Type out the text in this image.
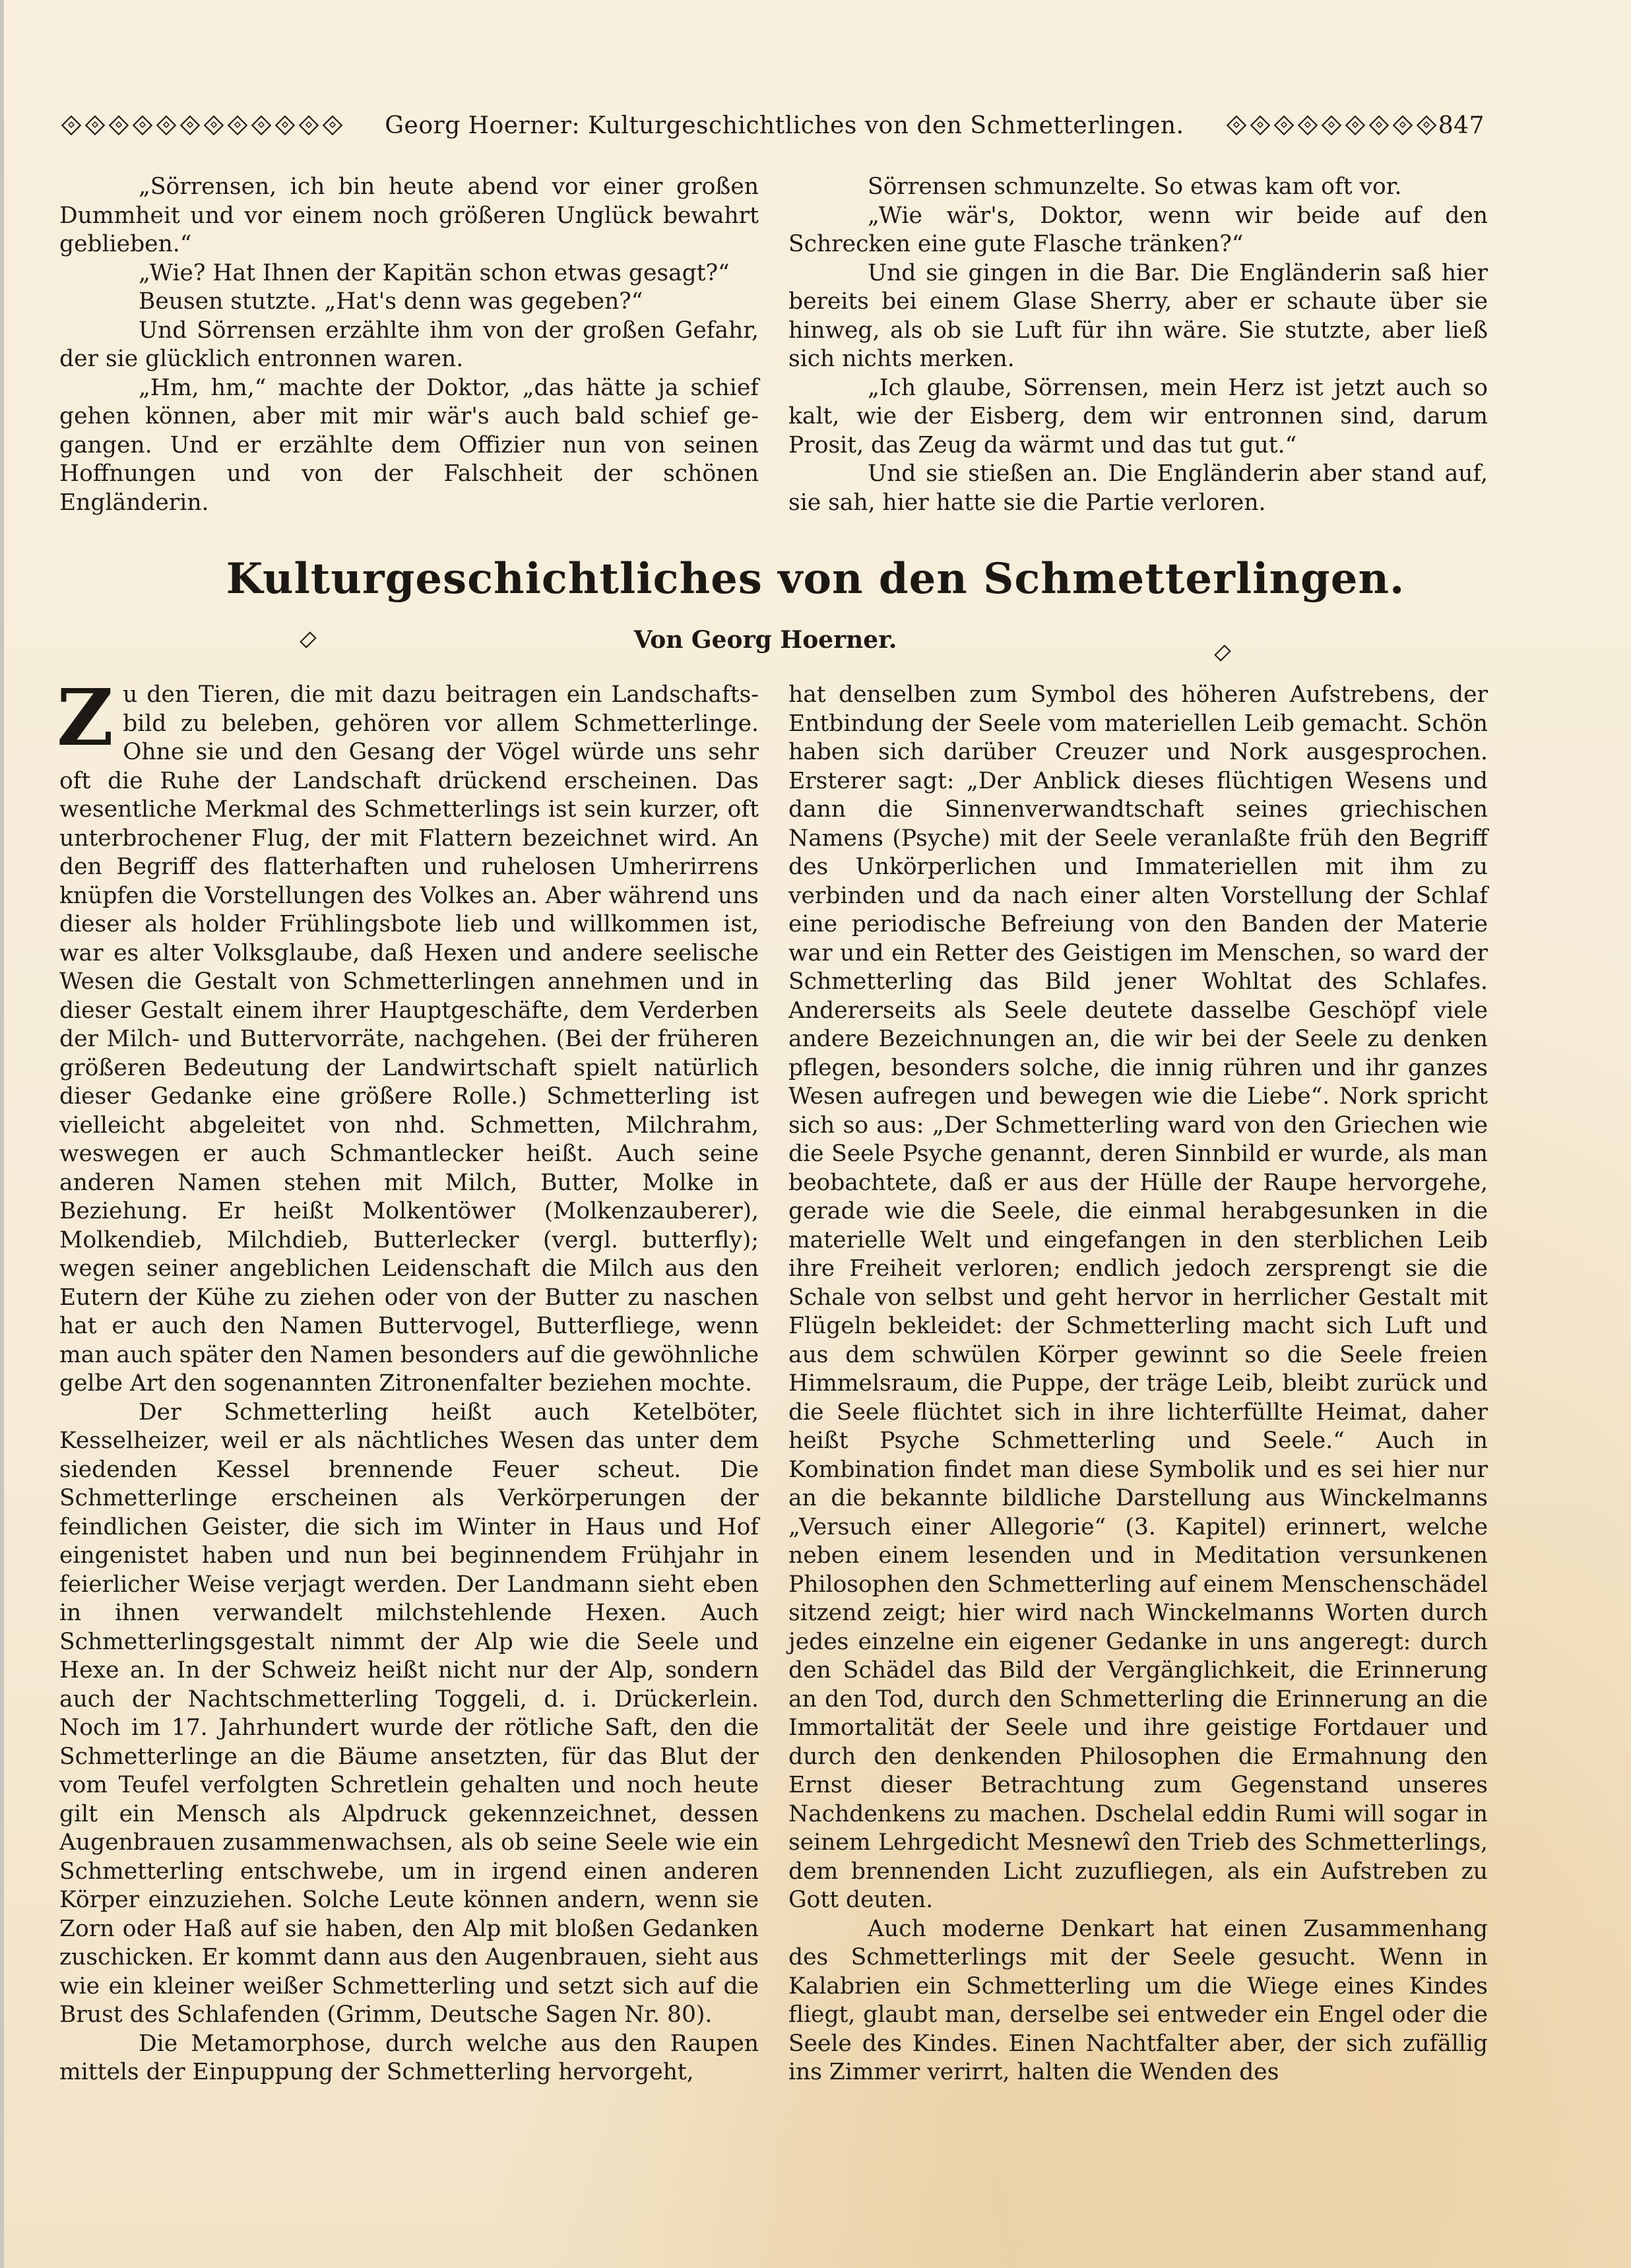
Georg Hoerner: Kulturgeschichtliches von den Schmetterlingen.	847

„Sörrensen, ich bin heute abend vor einer großen Dummheit und vor einem noch größeren Unglück bewahrt geblieben.“

„Wie? Hat Ihnen der Kapitän schon etwas gesagt?“

Beusen stutzte. „Hat's denn was gegeben?“

Und Sörrensen erzählte ihm von der großen Gefahr, der sie glücklich entronnen waren.

„Hm, hm,“ machte der Doktor, „das hätte ja schief gehen können, aber mit mir wär's auch bald schief ge-gangen. Und er erzählte dem Offizier nun von seinen Hoffnungen und von der Falschheit der schönen Engländerin.

Sörrensen schmunzelte. So etwas kam oft vor.

„Wie wär's, Doktor, wenn wir beide auf den Schrecken eine gute Flasche tränken?“

Und sie gingen in die Bar. Die Engländerin saß hier bereits bei einem Glase Sherry, aber er schaute über sie hinweg, als ob sie Luft für ihn wäre. Sie stutzte, aber ließ sich nichts merken.

„Ich glaube, Sörrensen, mein Herz ist jetzt auch so kalt, wie der Eisberg, dem wir entronnen sind, darum Prosit, das Zeug da wärmt und das tut gut.“

Und sie stießen an. Die Engländerin aber stand auf, sie sah, hier hatte sie die Partie verloren.

Kulturgeschichtliches von den Schmetterlingen.
Von Georg Hoerner.

Zu den Tieren, die mit dazu beitragen ein Landschafts-bild zu beleben, gehören vor allem Schmetterlinge. Ohne sie und den Gesang der Vögel würde uns sehr oft die Ruhe der Landschaft drückend erscheinen. Das wesentliche Merkmal des Schmetterlings ist sein kurzer, oft unterbrochener Flug, der mit Flattern bezeichnet wird. An den Begriff des flatterhaften und ruhelosen Umherirrens knüpfen die Vorstellungen des Volkes an. Aber während uns dieser als holder Frühlingsbote lieb und willkommen ist, war es alter Volksglaube, daß Hexen und andere seelische Wesen die Gestalt von Schmetterlingen annehmen und in dieser Gestalt einem ihrer Hauptgeschäfte, dem Verderben der Milch- und Buttervorräte, nachgehen. (Bei der früheren größeren Bedeutung der Landwirtschaft spielt natürlich dieser Gedanke eine größere Rolle.) Schmetterling ist vielleicht abgeleitet von nhd. Schmetten, Milchrahm, weswegen er auch Schmantlecker heißt. Auch seine anderen Namen stehen mit Milch, Butter, Molke in Beziehung. Er heißt Molkentöwer (Molkenzauberer), Molkendieb, Milchdieb, Butterlecker (vergl. butterfly); wegen seiner angeblichen Leidenschaft die Milch aus den Eutern der Kühe zu ziehen oder von der Butter zu naschen hat er auch den Namen Buttervogel, Butterfliege, wenn man auch später den Namen besonders auf die gewöhnliche gelbe Art den sogenannten Zitronenfalter beziehen mochte.

Der Schmetterling heißt auch Ketelböter, Kesselheizer, weil er als nächtliches Wesen das unter dem siedenden Kessel brennende Feuer scheut. Die Schmetterlinge erscheinen als Verkörperungen der feindlichen Geister, die sich im Winter in Haus und Hof eingenistet haben und nun bei beginnendem Frühjahr in feierlicher Weise verjagt werden. Der Landmann sieht eben in ihnen verwandelt milchstehlende Hexen. Auch Schmetterlingsgestalt nimmt der Alp wie die Seele und Hexe an. In der Schweiz heißt nicht nur der Alp, sondern auch der Nachtschmetterling Toggeli, d. i. Drückerlein. Noch im 17. Jahrhundert wurde der rötliche Saft, den die Schmetterlinge an die Bäume ansetzten, für das Blut der vom Teufel verfolgten Schretlein gehalten und noch heute gilt ein Mensch als Alpdruck gekennzeichnet, dessen Augenbrauen zusammenwachsen, als ob seine Seele wie ein Schmetterling entschwebe, um in irgend einen anderen Körper einzuziehen. Solche Leute können andern, wenn sie Zorn oder Haß auf sie haben, den Alp mit bloßen Gedanken zuschicken. Er kommt dann aus den Augenbrauen, sieht aus wie ein kleiner weißer Schmetterling und setzt sich auf die Brust des Schlafenden (Grimm, Deutsche Sagen Nr. 80).

Die Metamorphose, durch welche aus den Raupen mittels der Einpuppung der Schmetterling hervorgeht,

hat denselben zum Symbol des höheren Aufstrebens, der Entbindung der Seele vom materiellen Leib gemacht. Schön haben sich darüber Creuzer und Nork ausgesprochen. Ersterer sagt: „Der Anblick dieses flüchtigen Wesens und dann die Sinnenverwandtschaft seines griechischen Namens (Psyche) mit der Seele veranlaßte früh den Begriff des Unkörperlichen und Immateriellen mit ihm zu verbinden und da nach einer alten Vorstellung der Schlaf eine periodische Befreiung von den Banden der Materie war und ein Retter des Geistigen im Menschen, so ward der Schmetterling das Bild jener Wohltat des Schlafes. Andererseits als Seele deutete dasselbe Geschöpf viele andere Bezeichnungen an, die wir bei der Seele zu denken pflegen, besonders solche, die innig rühren und ihr ganzes Wesen aufregen und bewegen wie die Liebe“. Nork spricht sich so aus: „Der Schmetterling ward von den Griechen wie die Seele Psyche genannt, deren Sinnbild er wurde, als man beobachtete, daß er aus der Hülle der Raupe hervorgehe, gerade wie die Seele, die einmal herabgesunken in die materielle Welt und eingefangen in den sterblichen Leib ihre Freiheit verloren; endlich jedoch zersprengt sie die Schale von selbst und geht hervor in herrlicher Gestalt mit Flügeln bekleidet: der Schmetterling macht sich Luft und aus dem schwülen Körper gewinnt so die Seele freien Himmelsraum, die Puppe, der träge Leib, bleibt zurück und die Seele flüchtet sich in ihre lichterfüllte Heimat, daher heißt Psyche Schmetterling und Seele.“ Auch in Kombination findet man diese Symbolik und es sei hier nur an die bekannte bildliche Darstellung aus Winckelmanns „Versuch einer Allegorie“ (3. Kapitel) erinnert, welche neben einem lesenden und in Meditation versunkenen Philosophen den Schmetterling auf einem Menschenschädel sitzend zeigt; hier wird nach Winckelmanns Worten durch jedes einzelne ein eigener Gedanke in uns angeregt: durch den Schädel das Bild der Vergänglichkeit, die Erinnerung an den Tod, durch den Schmetterling die Erinnerung an die Immortalität der Seele und ihre geistige Fortdauer und durch den denkenden Philosophen die Ermahnung den Ernst dieser Betrachtung zum Gegenstand unseres Nachdenkens zu machen. Dschelal eddin Rumi will sogar in seinem Lehrgedicht Mesnewî den Trieb des Schmetterlings, dem brennenden Licht zuzufliegen, als ein Aufstreben zu Gott deuten.

Auch moderne Denkart hat einen Zusammenhang des Schmetterlings mit der Seele gesucht. Wenn in Kalabrien ein Schmetterling um die Wiege eines Kindes fliegt, glaubt man, derselbe sei entweder ein Engel oder die Seele des Kindes. Einen Nachtfalter aber, der sich zufällig ins Zimmer verirrt, halten die Wenden des
